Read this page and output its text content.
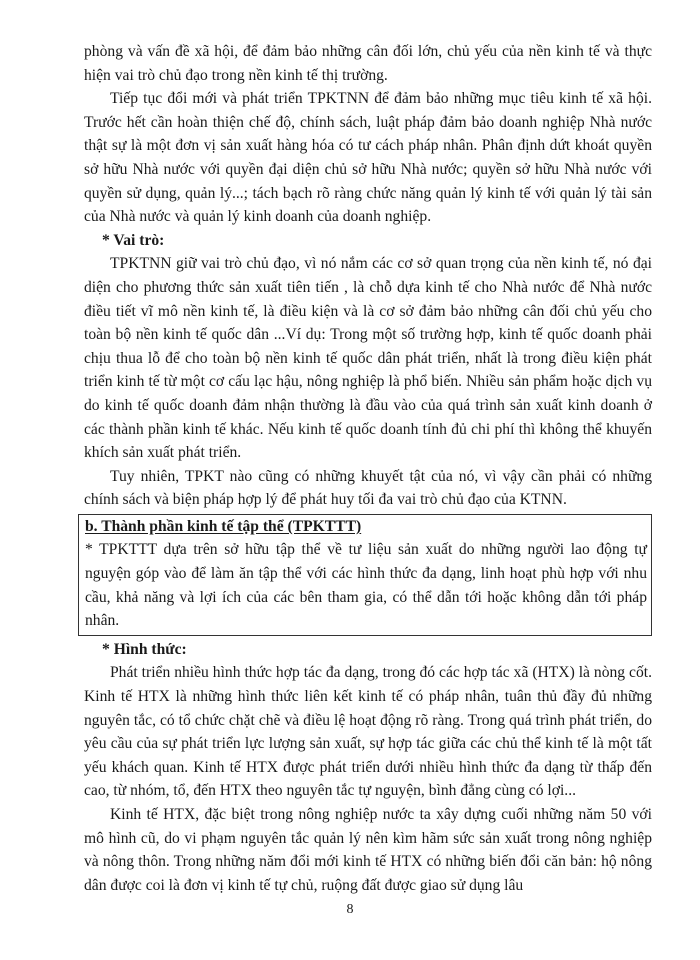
phòng và vấn đề xã hội, để đảm bảo những cân đối lớn, chủ yếu của nền kinh tế và thực hiện vai trò chủ đạo trong nền kinh tế thị trường.

Tiếp tục đổi mới và phát triển TPKTNN để đảm bảo những mục tiêu kinh tế xã hội. Trước hết cần hoàn thiện chế độ, chính sách, luật pháp đảm bảo doanh nghiệp Nhà nước thật sự là một đơn vị sản xuất hàng hóa có tư cách pháp nhân. Phân định dứt khoát quyền sở hữu Nhà nước với quyền đại diện chủ sở hữu Nhà nước; quyền sở hữu Nhà nước với quyền sử dụng, quản lý...; tách bạch rõ ràng chức năng quản lý kinh tế với quản lý tài sản của Nhà nước và quản lý kinh doanh của doanh nghiệp.

* Vai trò:

TPKTNN giữ vai trò chủ đạo, vì nó nắm các cơ sở quan trọng của nền kinh tế, nó đại diện cho phương thức sản xuất tiên tiến , là chỗ dựa kinh tế cho Nhà nước để Nhà nước điều tiết vĩ mô nền kinh tế, là điều kiện và là cơ sở đảm bảo những cân đối chủ yếu cho toàn bộ nền kinh tế quốc dân ...Ví dụ: Trong một số trường hợp, kinh tế quốc doanh phải chịu thua lỗ để cho toàn bộ nền kinh tế quốc dân phát triển, nhất là trong điều kiện phát triển kinh tế từ một cơ cấu lạc hậu, nông nghiệp là phổ biến. Nhiều sản phẩm hoặc dịch vụ do kinh tế quốc doanh đảm nhận thường là đầu vào của quá trình sản xuất kinh doanh ở các thành phần kinh tế khác. Nếu kinh tế quốc doanh tính đủ chi phí thì không thể khuyến khích sản xuất phát triển.

Tuy nhiên, TPKT nào cũng có những khuyết tật của nó, vì vậy cần phải có những chính sách và biện pháp hợp lý để phát huy tối đa vai trò chủ đạo của KTNN.

b. Thành phần kinh tế tập thể (TPKTTT)

* TPKTTT dựa trên sở hữu tập thể về tư liệu sản xuất do những người lao động tự nguyện góp vào để làm ăn tập thể với các hình thức đa dạng, linh hoạt phù hợp với nhu cầu, khả năng và lợi ích của các bên tham gia, có thể dẫn tới hoặc không dẫn tới pháp nhân.

* Hình thức:

Phát triển nhiều hình thức hợp tác đa dạng, trong đó các hợp tác xã (HTX) là nòng cốt. Kinh tế HTX là những hình thức liên kết kinh tế có pháp nhân, tuân thủ đầy đủ những nguyên tắc, có tổ chức chặt chẽ và điều lệ hoạt động rõ ràng. Trong quá trình phát triển, do yêu cầu của sự phát triển lực lượng sản xuất, sự hợp tác giữa các chủ thể kinh tế là một tất yếu khách quan. Kinh tế HTX được phát triển dưới nhiều hình thức đa dạng từ thấp đến cao, từ nhóm, tổ, đến HTX theo nguyên tắc tự nguyện, bình đẳng cùng có lợi...

Kinh tế HTX, đặc biệt trong nông nghiệp nước ta xây dựng cuối những năm 50 với mô hình cũ, do vi phạm nguyên tắc quản lý nên kìm hãm sức sản xuất trong nông nghiệp và nông thôn. Trong những năm đổi mới kinh tế HTX có những biến đổi căn bản: hộ nông dân được coi là đơn vị kinh tế tự chủ, ruộng đất được giao sử dụng lâu

8
